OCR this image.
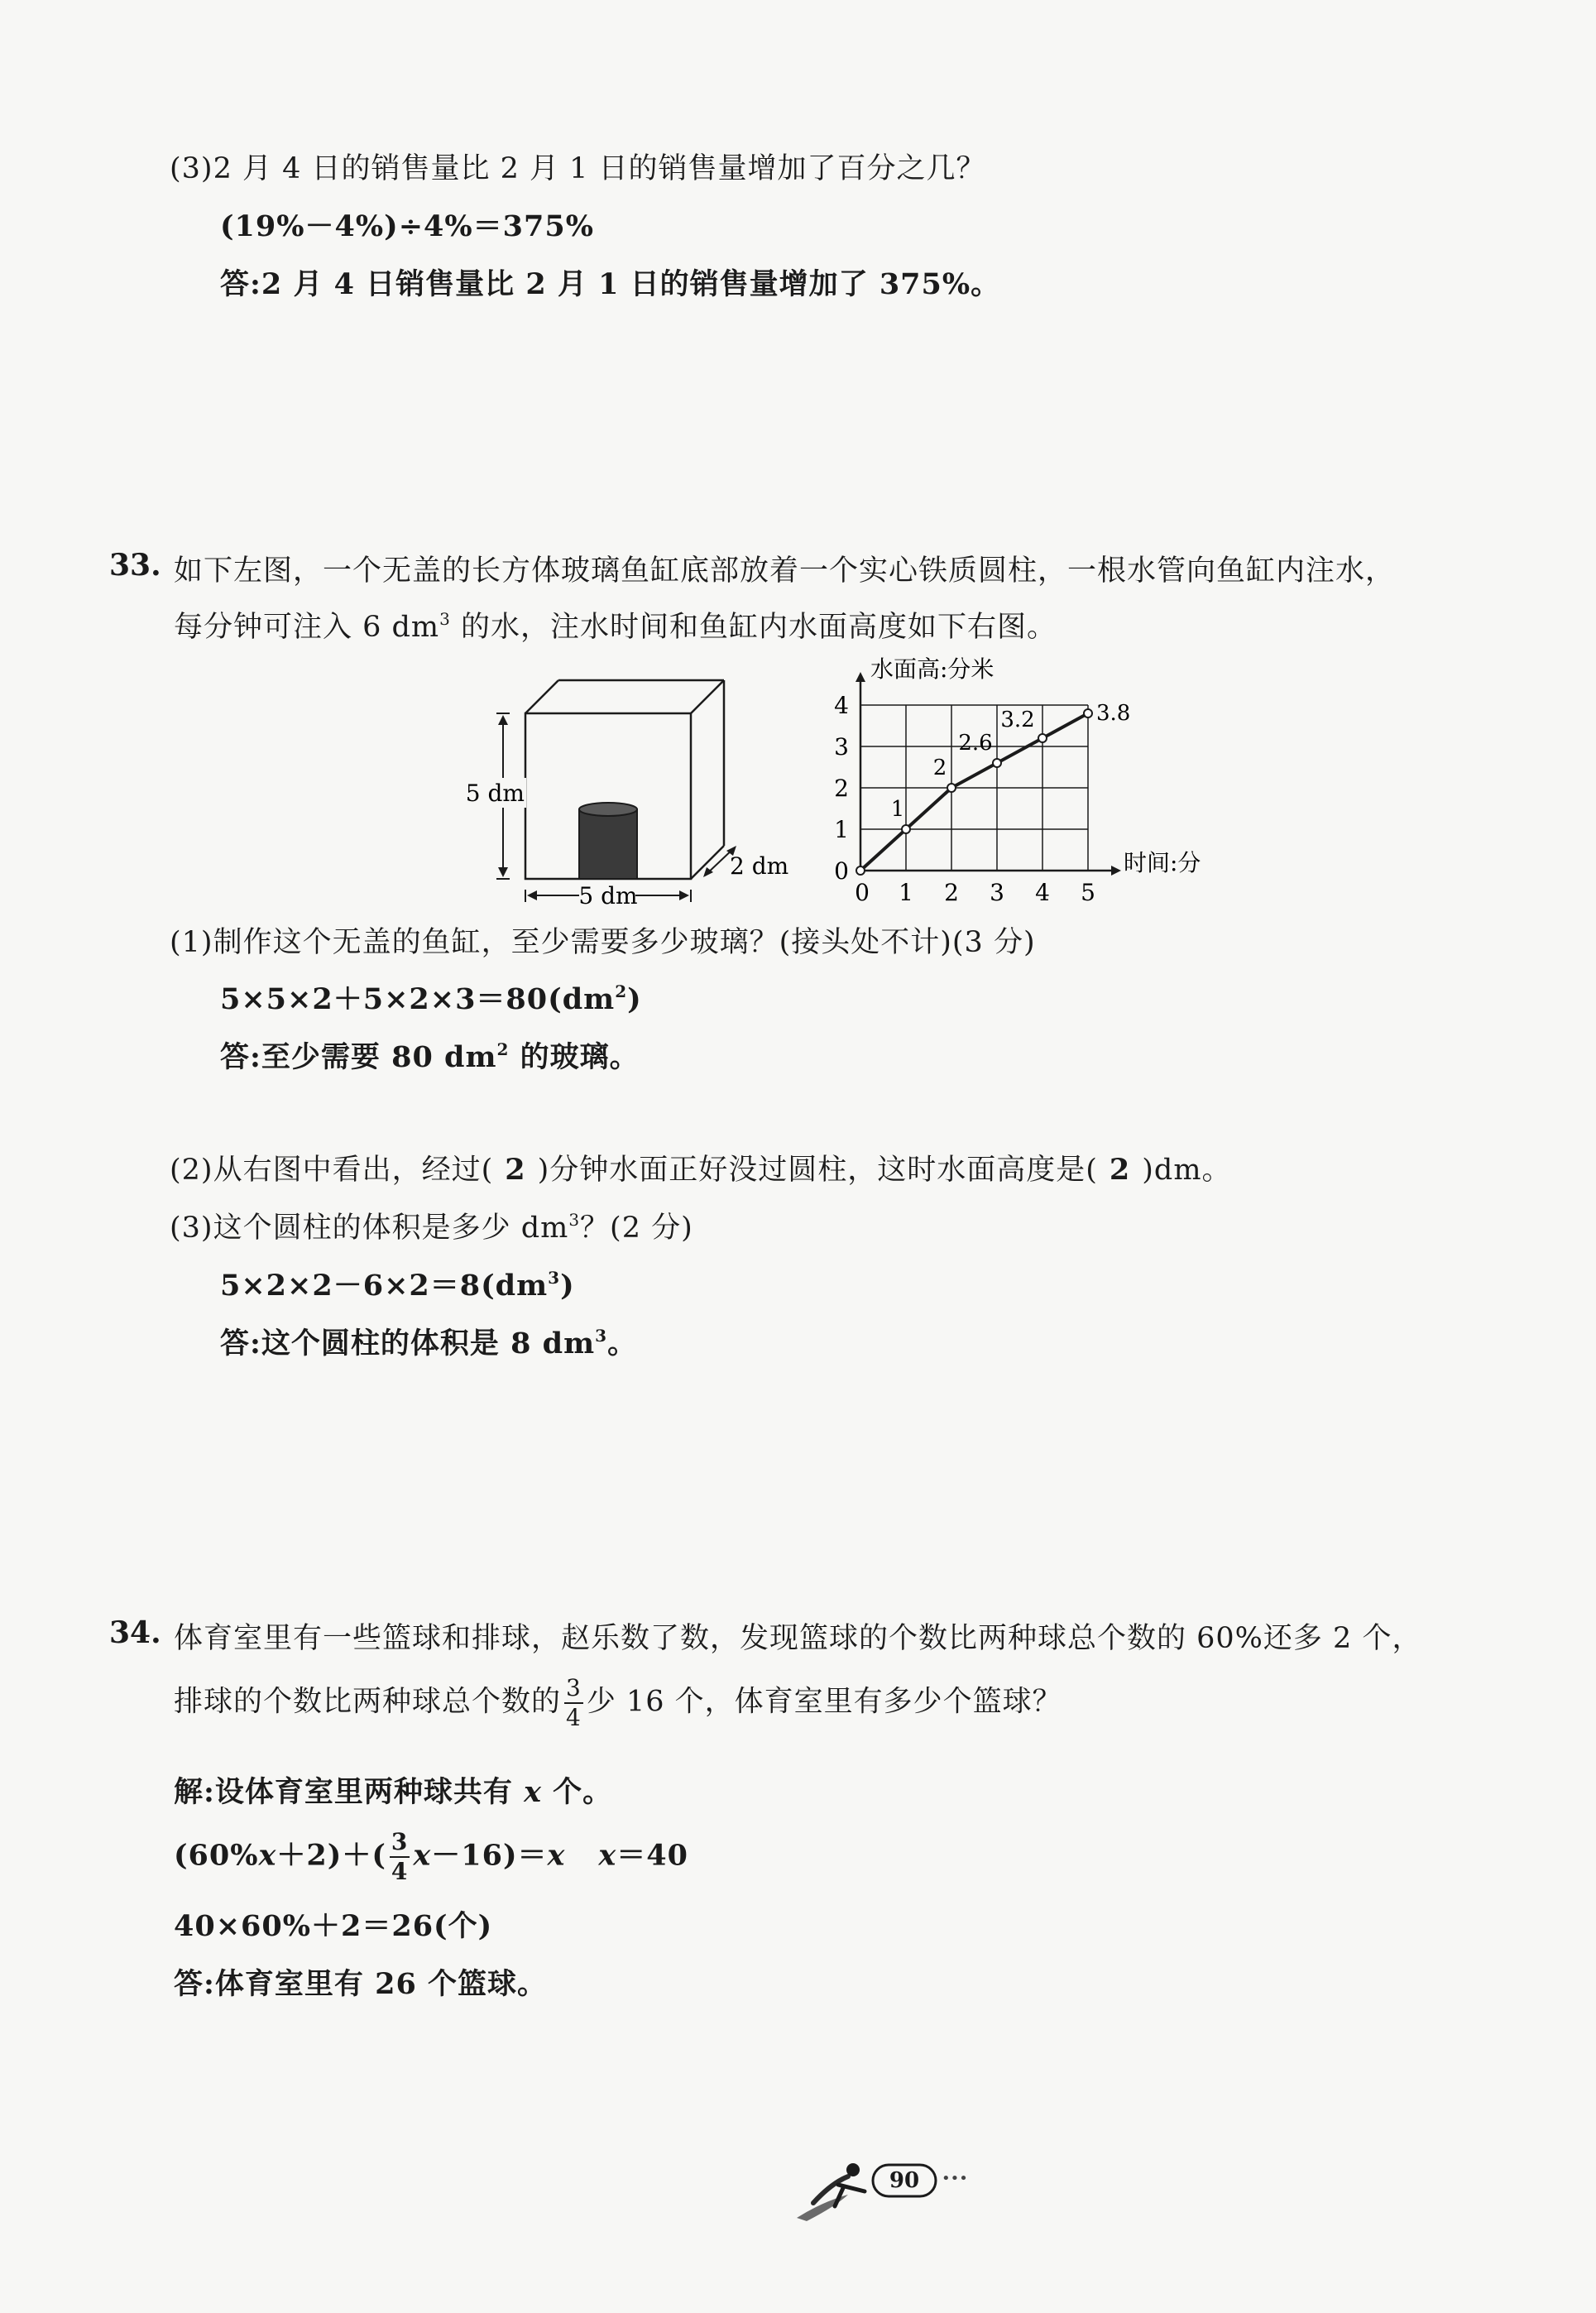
(3)2 月 4 日的销售量比 2 月 1 日的销售量增加了百分之几？
(19%－4%)÷4%＝375%
答:2 月 4 日销售量比 2 月 1 日的销售量增加了 375%。
33. 如下左图，一个无盖的长方体玻璃鱼缸底部放着一个实心铁质圆柱，一根水管向鱼缸内注水，
每分钟可注入 6 $dm^3$ 的水，注水时间和鱼缸内水面高度如下右图。
5 dm
5 dm
2 dm
0 1 2 3 4 5
1
2
3
4
0
1
2
2.6
3.2	3.8
水面高:分米
时间:分
(1)制作这个无盖的鱼缸，至少需要多少玻璃？(接头处不计)(3 分)
$5\times 5\times 2+5\times 2\times 3=80(dm^2)$
答:至少需要 80 $dm^2$ 的玻璃。
(2)从右图中看出，经过( 2 )分钟水面正好没过圆柱，这时水面高度是( 2 )dm。
(3)这个圆柱的体积是多少 $dm^3$？(2 分)
$5\times 2\times 2-6\times 2=8(dm^3)$
答:这个圆柱的体积是 8 $dm^3$。
34. 体育室里有一些篮球和排球，赵乐数了数，发现篮球的个数比两种球总个数的 60%还多 2 个，
排球的个数比两种球总个数的 $\frac{3}{4}$ 少 16 个，体育室里有多少个篮球？
解:设体育室里两种球共有 x 个。
$(60\%x+2)+( \frac{3}{4} x-16)=x$ x＝40
40×60%＋2＝26(个)
答:体育室里有 26 个篮球。
90	•••
